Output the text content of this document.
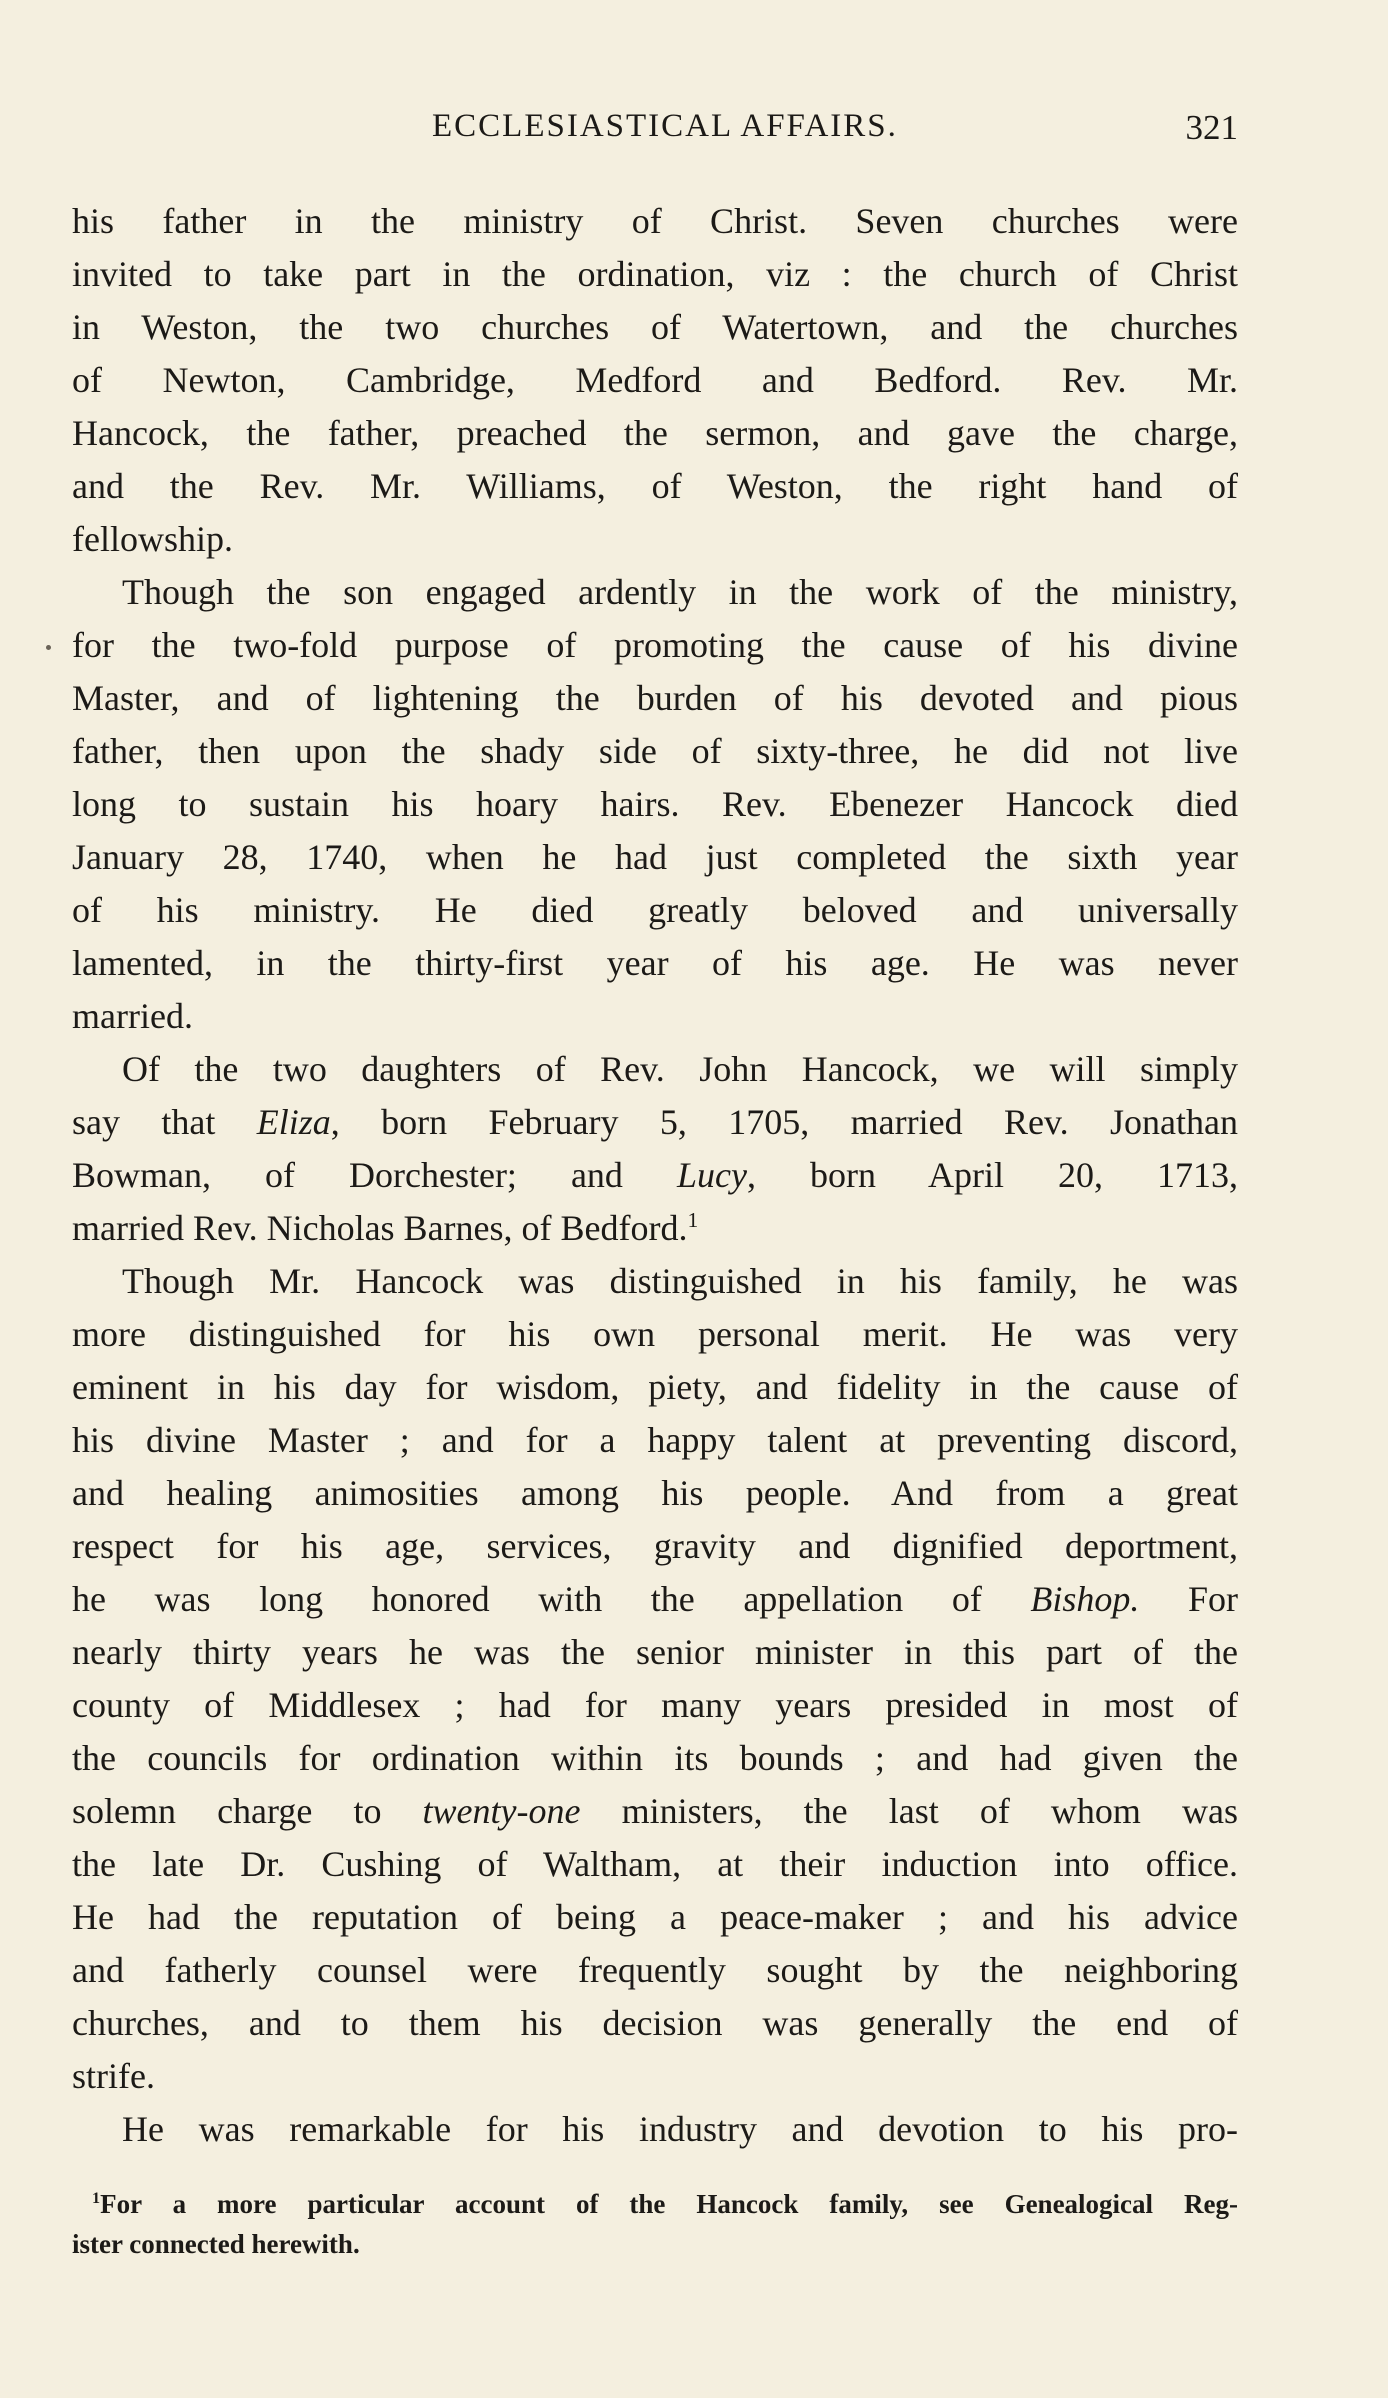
ECCLESIASTICAL AFFAIRS.	321
his father in the ministry of Christ. Seven churches were
invited to take part in the ordination, viz : the church of Christ
in Weston, the two churches of Watertown, and the churches
of Newton, Cambridge, Medford and Bedford. Rev. Mr.
Hancock, the father, preached the sermon, and gave the charge,
and the Rev. Mr. Williams, of Weston, the right hand of
fellowship.
Though the son engaged ardently in the work of the ministry,
for the two-fold purpose of promoting the cause of his divine
Master, and of lightening the burden of his devoted and pious
father, then upon the shady side of sixty-three, he did not live
long to sustain his hoary hairs. Rev. Ebenezer Hancock died
January 28, 1740, when he had just completed the sixth year
of his ministry. He died greatly beloved and universally
lamented, in the thirty-first year of his age. He was never
married.
Of the two daughters of Rev. John Hancock, we will simply
say that Eliza, born February 5, 1705, married Rev. Jonathan
Bowman, of Dorchester; and Lucy, born April 20, 1713,
married Rev. Nicholas Barnes, of Bedford.$^1$
Though Mr. Hancock was distinguished in his family, he was
more distinguished for his own personal merit. He was very
eminent in his day for wisdom, piety, and fidelity in the cause of
his divine Master ; and for a happy talent at preventing discord,
and healing animosities among his people. And from a great
respect for his age, services, gravity and dignified deportment,
he was long honored with the appellation of Bishop. For
nearly thirty years he was the senior minister in this part of the
county of Middlesex ; had for many years presided in most of
the councils for ordination within its bounds ; and had given the
solemn charge to twenty-one ministers, the last of whom was
the late Dr. Cushing of Waltham, at their induction into office.
He had the reputation of being a peace-maker ; and his advice
and fatherly counsel were frequently sought by the neighboring
churches, and to them his decision was generally the end of
strife.
He was remarkable for his industry and devotion to his pro-
$^1$For a more particular account of the Hancock family, see Genealogical Reg-
ister connected herewith.
